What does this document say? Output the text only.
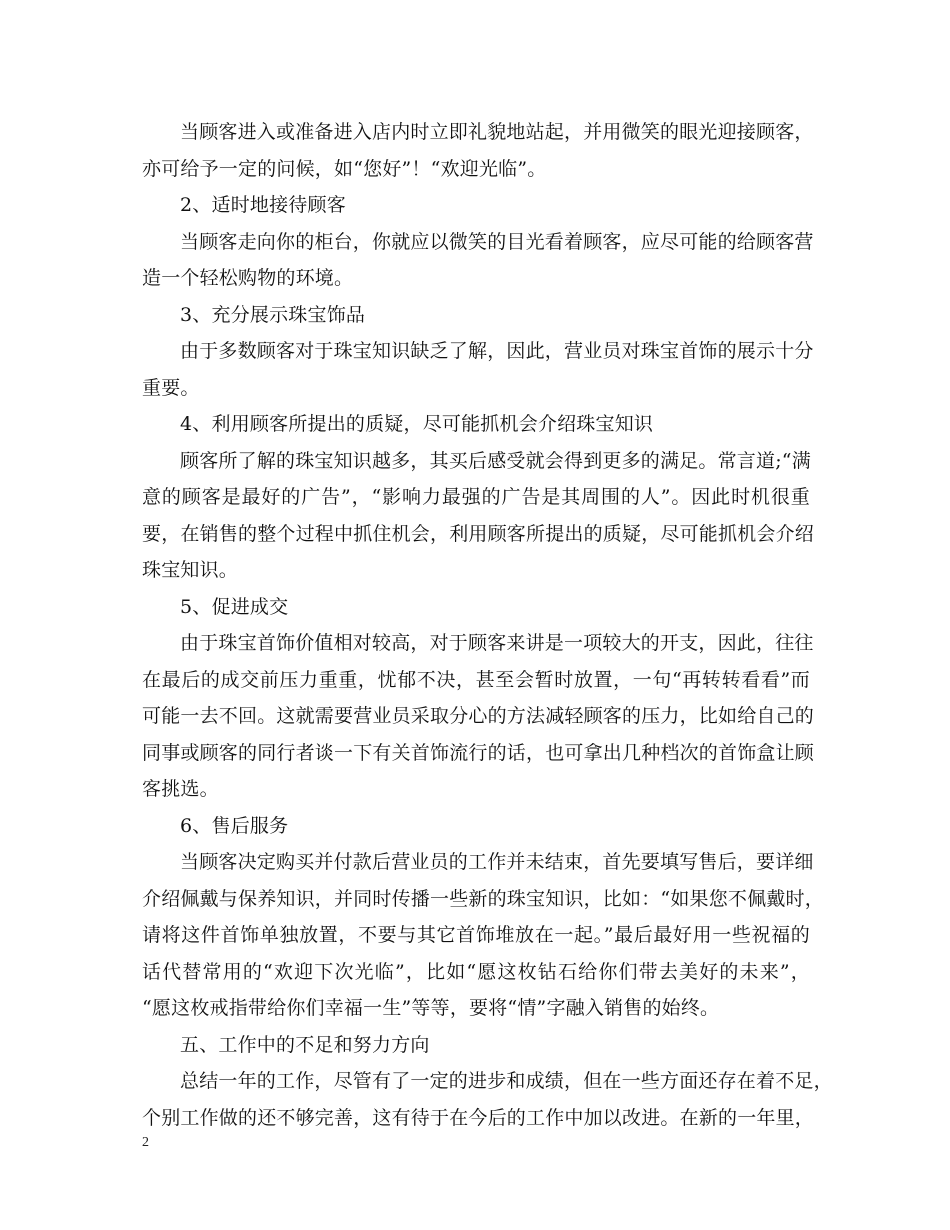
当顾客进入或准备进入店内时立即礼貌地站起，并用微笑的眼光迎接顾客，
亦可给予一定的问候，如“您好”！“欢迎光临”。
2、适时地接待顾客
当顾客走向你的柜台，你就应以微笑的目光看着顾客，应尽可能的给顾客营
造一个轻松购物的环境。
3、充分展示珠宝饰品
由于多数顾客对于珠宝知识缺乏了解，因此，营业员对珠宝首饰的展示十分
重要。
4、利用顾客所提出的质疑，尽可能抓机会介绍珠宝知识
顾客所了解的珠宝知识越多，其买后感受就会得到更多的满足。常言道;“满
意的顾客是最好的广告”，“影响力最强的广告是其周围的人”。因此时机很重
要，在销售的整个过程中抓住机会，利用顾客所提出的质疑，尽可能抓机会介绍
珠宝知识。
5、促进成交
由于珠宝首饰价值相对较高，对于顾客来讲是一项较大的开支，因此，往往
在最后的成交前压力重重，忧郁不决，甚至会暂时放置，一句“再转转看看”而
可能一去不回。这就需要营业员采取分心的方法减轻顾客的压力，比如给自己的
同事或顾客的同行者谈一下有关首饰流行的话，也可拿出几种档次的首饰盒让顾
客挑选。
6、售后服务
当顾客决定购买并付款后营业员的工作并未结束，首先要填写售后，要详细
介绍佩戴与保养知识，并同时传播一些新的珠宝知识，比如：“如果您不佩戴时，
请将这件首饰单独放置，不要与其它首饰堆放在一起。”最后最好用一些祝福的
话代替常用的“欢迎下次光临”，比如“愿这枚钻石给你们带去美好的未来”，
“愿这枚戒指带给你们幸福一生”等等，要将“情”字融入销售的始终。
五、工作中的不足和努力方向
总结一年的工作，尽管有了一定的进步和成绩，但在一些方面还存在着不足，
个别工作做的还不够完善，这有待于在今后的工作中加以改进。在新的一年里，
2
